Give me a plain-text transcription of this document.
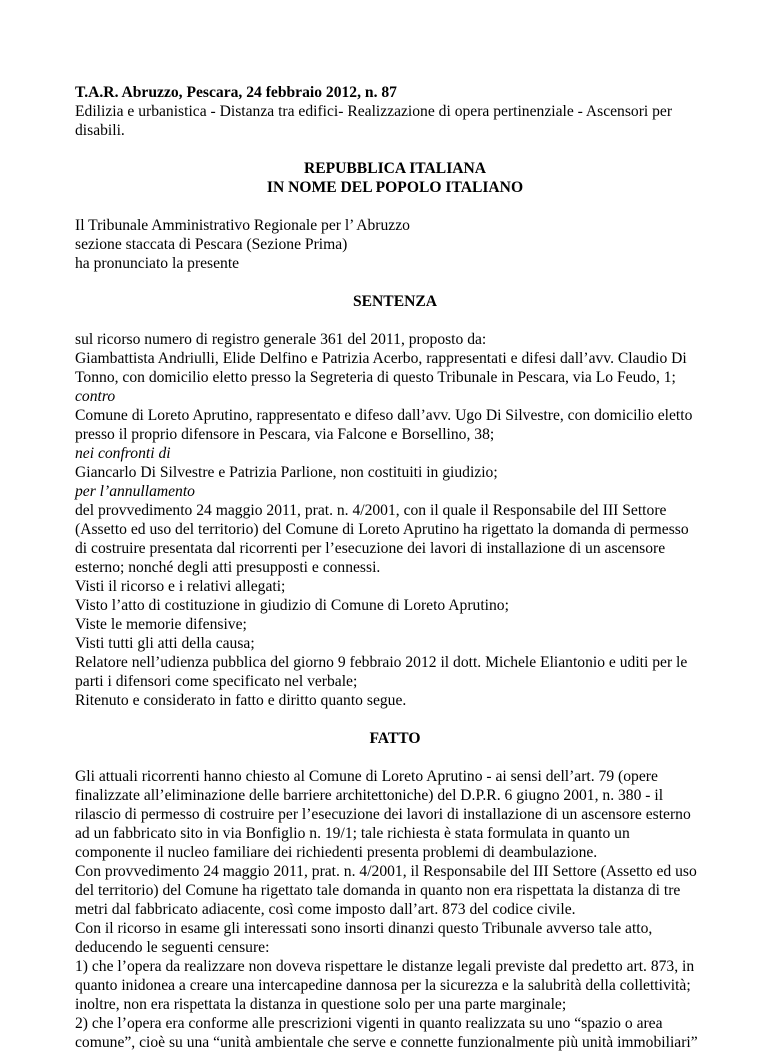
T.A.R. Abruzzo, Pescara, 24 febbraio 2012, n. 87
Edilizia e urbanistica - Distanza tra edifici- Realizzazione di opera pertinenziale - Ascensori per
disabili.
REPUBBLICA ITALIANA
IN NOME DEL POPOLO ITALIANO
Il Tribunale Amministrativo Regionale per l’ Abruzzo
sezione staccata di Pescara (Sezione Prima)
ha pronunciato la presente
SENTENZA
sul ricorso numero di registro generale 361 del 2011, proposto da:
Giambattista Andriulli, Elide Delfino e Patrizia Acerbo, rappresentati e difesi dall’avv. Claudio Di
Tonno, con domicilio eletto presso la Segreteria di questo Tribunale in Pescara, via Lo Feudo, 1;
contro
Comune di Loreto Aprutino, rappresentato e difeso dall’avv. Ugo Di Silvestre, con domicilio eletto
presso il proprio difensore in Pescara, via Falcone e Borsellino, 38;
nei confronti di
Giancarlo Di Silvestre e Patrizia Parlione, non costituiti in giudizio;
per l’annullamento
del provvedimento 24 maggio 2011, prat. n. 4/2001, con il quale il Responsabile del III Settore
(Assetto ed uso del territorio) del Comune di Loreto Aprutino ha rigettato la domanda di permesso
di costruire presentata dal ricorrenti per l’esecuzione dei lavori di installazione di un ascensore
esterno; nonché degli atti presupposti e connessi.
Visti il ricorso e i relativi allegati;
Visto l’atto di costituzione in giudizio di Comune di Loreto Aprutino;
Viste le memorie difensive;
Visti tutti gli atti della causa;
Relatore nell’udienza pubblica del giorno 9 febbraio 2012 il dott. Michele Eliantonio e uditi per le
parti i difensori come specificato nel verbale;
Ritenuto e considerato in fatto e diritto quanto segue.
FATTO
Gli attuali ricorrenti hanno chiesto al Comune di Loreto Aprutino - ai sensi dell’art. 79 (opere
finalizzate all’eliminazione delle barriere architettoniche) del D.P.R. 6 giugno 2001, n. 380 - il
rilascio di permesso di costruire per l’esecuzione dei lavori di installazione di un ascensore esterno
ad un fabbricato sito in via Bonfiglio n. 19/1; tale richiesta è stata formulata in quanto un
componente il nucleo familiare dei richiedenti presenta problemi di deambulazione.
Con provvedimento 24 maggio 2011, prat. n. 4/2001, il Responsabile del III Settore (Assetto ed uso
del territorio) del Comune ha rigettato tale domanda in quanto non era rispettata la distanza di tre
metri dal fabbricato adiacente, così come imposto dall’art. 873 del codice civile.
Con il ricorso in esame gli interessati sono insorti dinanzi questo Tribunale avverso tale atto,
deducendo le seguenti censure:
1) che l’opera da realizzare non doveva rispettare le distanze legali previste dal predetto art. 873, in
quanto inidonea a creare una intercapedine dannosa per la sicurezza e la salubrità della collettività;
inoltre, non era rispettata la distanza in questione solo per una parte marginale;
2) che l’opera era conforme alle prescrizioni vigenti in quanto realizzata su uno “spazio o area
comune”, cioè su una “unità ambientale che serve e connette funzionalmente più unità immobiliari”
